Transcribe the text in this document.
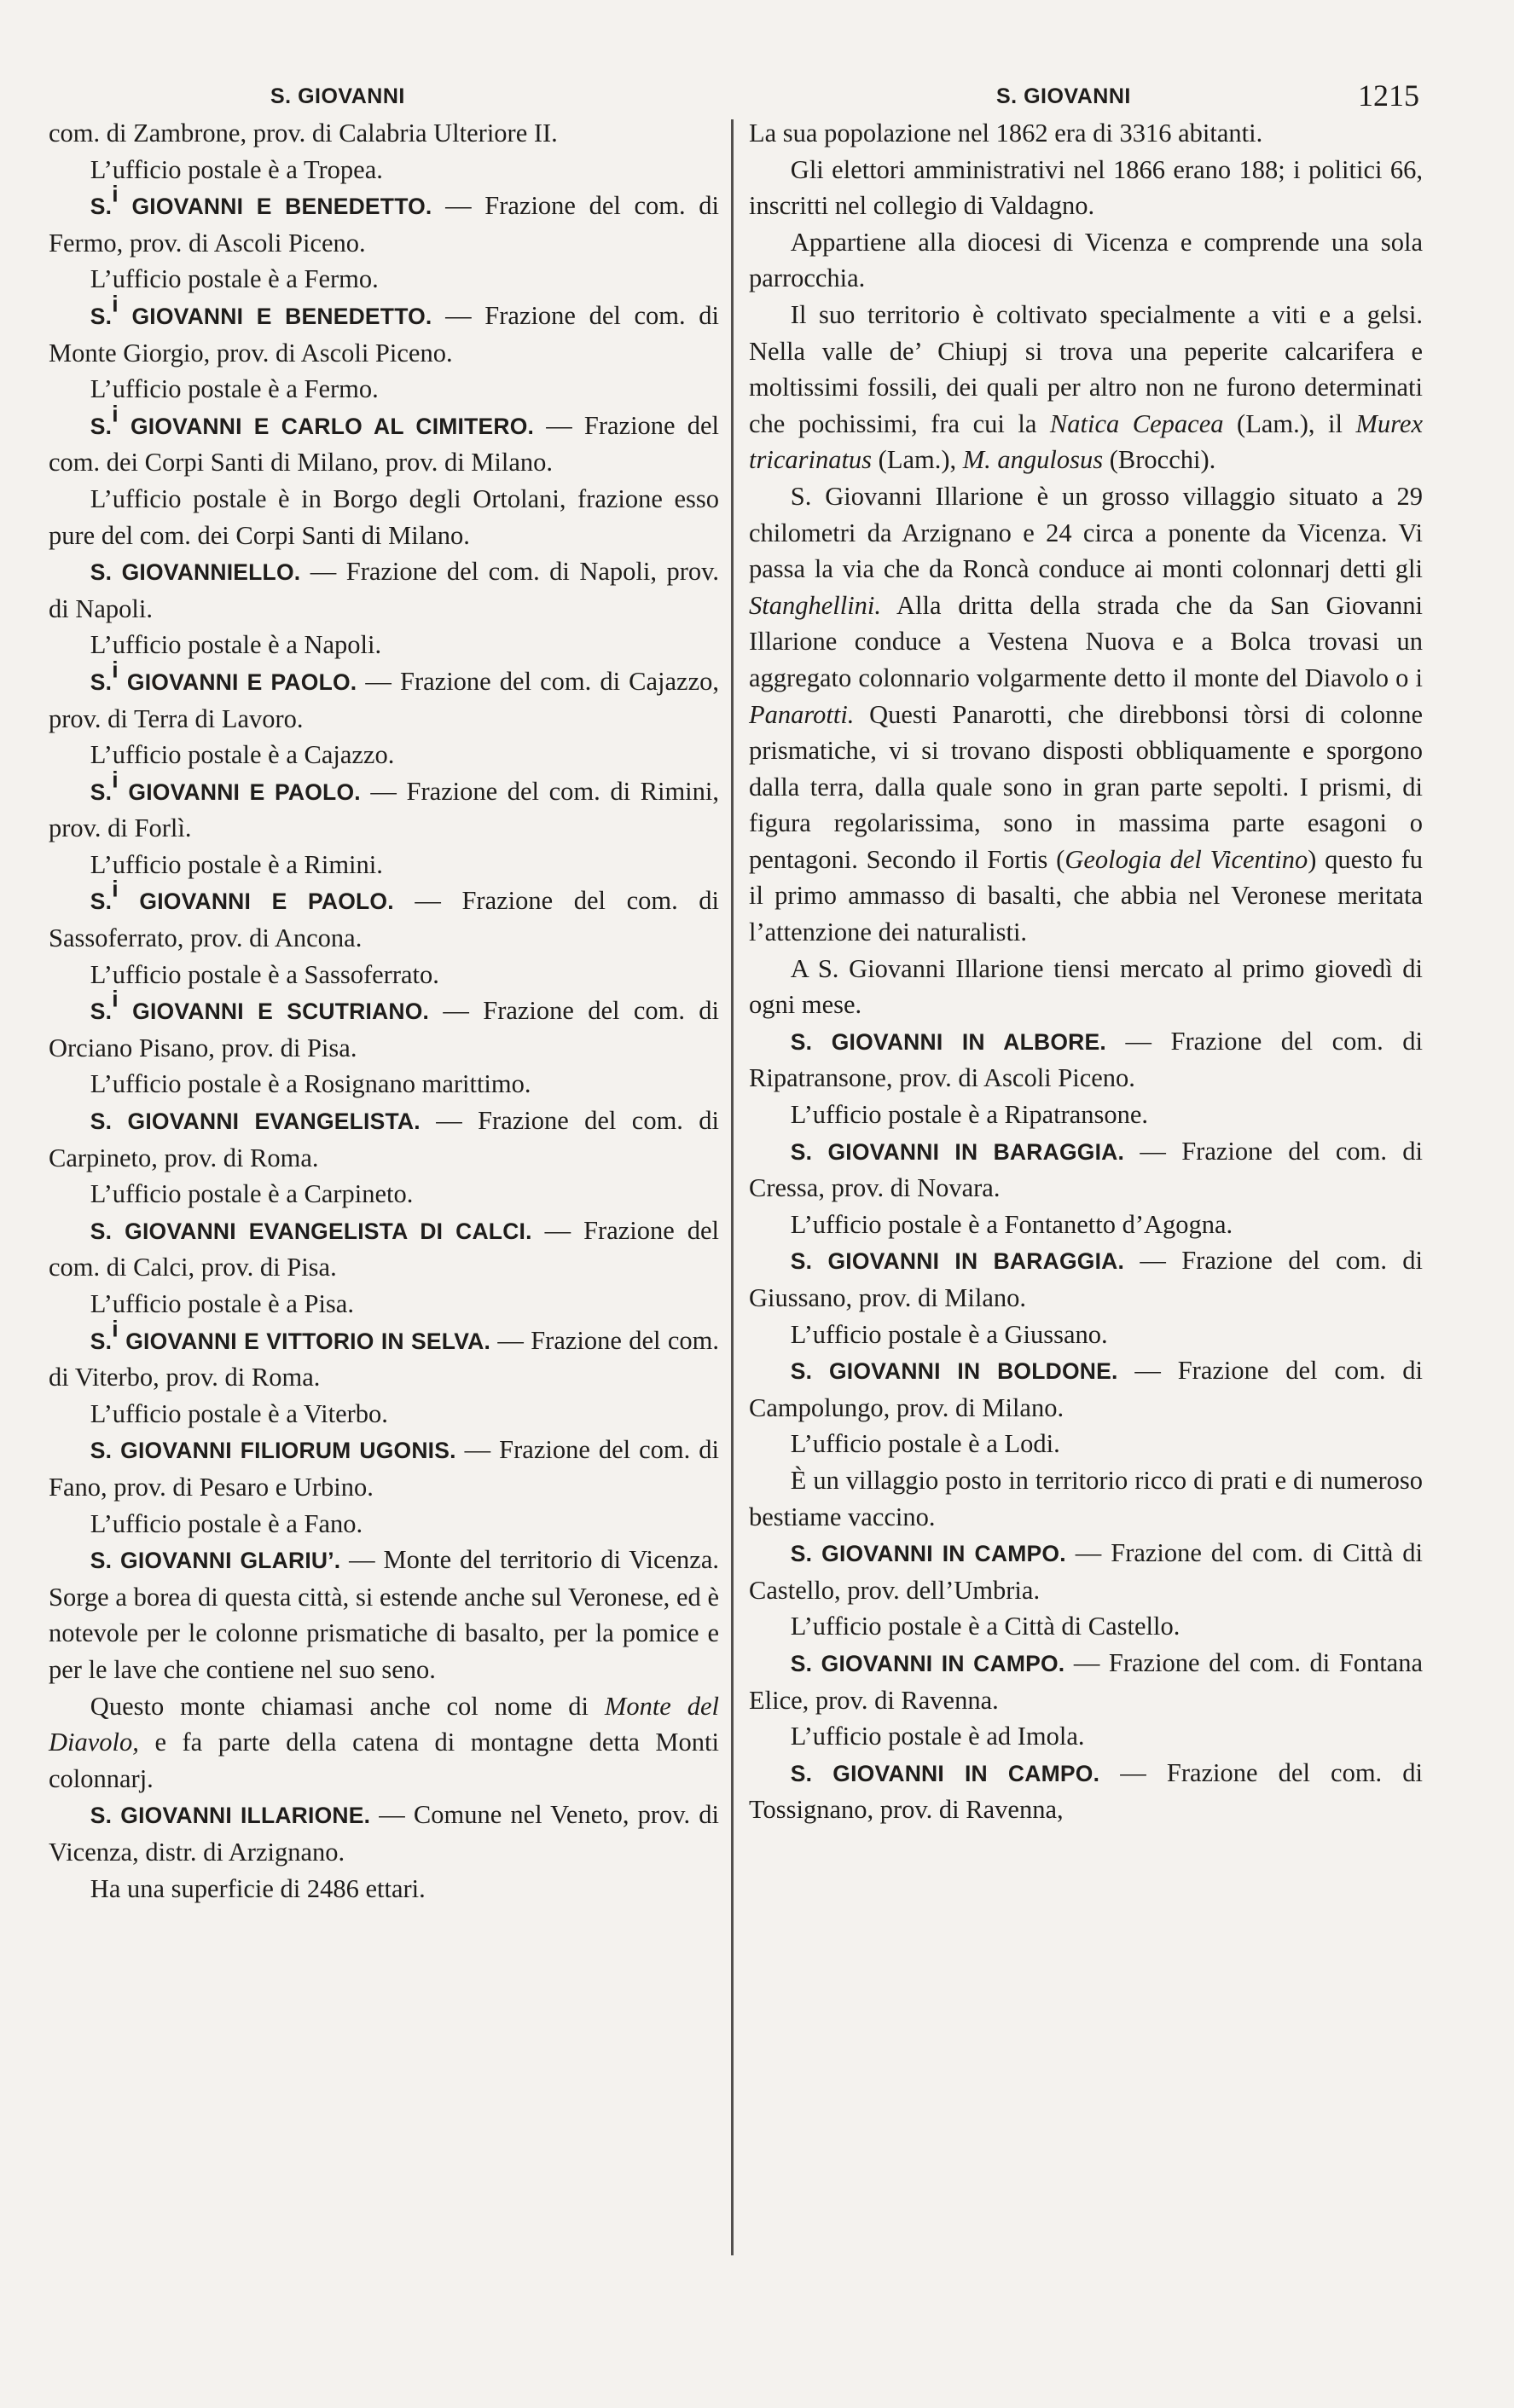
S. GIOVANNI

com. di Zambrone, prov. di Calabria Ulteriore II.

L’ufficio postale è a Tropea.

S.$^i$ GIOVANNI E BENEDETTO. — Frazione del com. di Fermo, prov. di Ascoli Piceno.

L’ufficio postale è a Fermo.

S.$^i$ GIOVANNI E BENEDETTO. — Frazione del com. di Monte Giorgio, prov. di Ascoli Piceno.

L’ufficio postale è a Fermo.

S.$^i$ GIOVANNI E CARLO AL CIMITERO. — Frazione del com. dei Corpi Santi di Milano, prov. di Milano.

L’ufficio postale è in Borgo degli Ortolani, frazione esso pure del com. dei Corpi Santi di Milano.

S. GIOVANNIELLO. — Frazione del com. di Napoli, prov. di Napoli.

L’ufficio postale è a Napoli.

S.$^i$ GIOVANNI E PAOLO. — Frazione del com. di Cajazzo, prov. di Terra di Lavoro.

L’ufficio postale è a Cajazzo.

S.$^i$ GIOVANNI E PAOLO. — Frazione del com. di Rimini, prov. di Forlì.

L’ufficio postale è a Rimini.

S.$^i$ GIOVANNI E PAOLO. — Frazione del com. di Sassoferrato, prov. di Ancona.

L’ufficio postale è a Sassoferrato.

S.$^i$ GIOVANNI E SCUTRIANO. — Frazione del com. di Orciano Pisano, prov. di Pisa.

L’ufficio postale è a Rosignano marittimo.

S. GIOVANNI EVANGELISTA. — Frazione del com. di Carpineto, prov. di Roma.

L’ufficio postale è a Carpineto.

S. GIOVANNI EVANGELISTA DI CALCI. — Frazione del com. di Calci, prov. di Pisa.

L’ufficio postale è a Pisa.

S.$^i$ GIOVANNI E VITTORIO IN SELVA. — Frazione del com. di Viterbo, prov. di Roma.

L’ufficio postale è a Viterbo.

S. GIOVANNI FILIORUM UGONIS. — Frazione del com. di Fano, prov. di Pesaro e Urbino.

L’ufficio postale è a Fano.

S. GIOVANNI GLARIU’. — Monte del territorio di Vicenza. Sorge a borea di questa città, si estende anche sul Veronese, ed è notevole per le colonne prismatiche di basalto, per la pomice e per le lave che contiene nel suo seno.

Questo monte chiamasi anche col nome di Monte del Diavolo, e fa parte della catena di montagne detta Monti colonnarj.

S. GIOVANNI ILLARIONE. — Comune nel Veneto, prov. di Vicenza, distr. di Arzignano.

Ha una superficie di 2486 ettari.

S. GIOVANNI	1215

La sua popolazione nel 1862 era di 3316 abitanti.

Gli elettori amministrativi nel 1866 erano 188; i politici 66, inscritti nel collegio di Valdagno.

Appartiene alla diocesi di Vicenza e comprende una sola parrocchia.

Il suo territorio è coltivato specialmente a viti e a gelsi. Nella valle de’ Chiupj si trova una peperite calcarifera e moltissimi fossili, dei quali per altro non ne furono determinati che pochissimi, fra cui la Natica Cepacea (Lam.), il Murex tricarinatus (Lam.), M. angulosus (Brocchi).

S. Giovanni Illarione è un grosso villaggio situato a 29 chilometri da Arzignano e 24 circa a ponente da Vicenza. Vi passa la via che da Roncà conduce ai monti colonnarj detti gli Stanghellini. Alla dritta della strada che da San Giovanni Illarione conduce a Vestena Nuova e a Bolca trovasi un aggregato colonnario volgarmente detto il monte del Diavolo o i Panarotti. Questi Panarotti, che direbbonsi tòrsi di colonne prismatiche, vi si trovano disposti obbliquamente e sporgono dalla terra, dalla quale sono in gran parte sepolti. I prismi, di figura regolarissima, sono in massima parte esagoni o pentagoni. Secondo il Fortis (Geologia del Vicentino) questo fu il primo ammasso di basalti, che abbia nel Veronese meritata l’attenzione dei naturalisti.

A S. Giovanni Illarione tiensi mercato al primo giovedì di ogni mese.

S. GIOVANNI IN ALBORE. — Frazione del com. di Ripatransone, prov. di Ascoli Piceno.

L’ufficio postale è a Ripatransone.

S. GIOVANNI IN BARAGGIA. — Frazione del com. di Cressa, prov. di Novara.

L’ufficio postale è a Fontanetto d’Agogna.

S. GIOVANNI IN BARAGGIA. — Frazione del com. di Giussano, prov. di Milano.

L’ufficio postale è a Giussano.

S. GIOVANNI IN BOLDONE. — Frazione del com. di Campolungo, prov. di Milano.

L’ufficio postale è a Lodi.

È un villaggio posto in territorio ricco di prati e di numeroso bestiame vaccino.

S. GIOVANNI IN CAMPO. — Frazione del com. di Città di Castello, prov. dell’Umbria.

L’ufficio postale è a Città di Castello.

S. GIOVANNI IN CAMPO. — Frazione del com. di Fontana Elice, prov. di Ravenna.

L’ufficio postale è ad Imola.

S. GIOVANNI IN CAMPO. — Frazione del com. di Tossignano, prov. di Ravenna,
